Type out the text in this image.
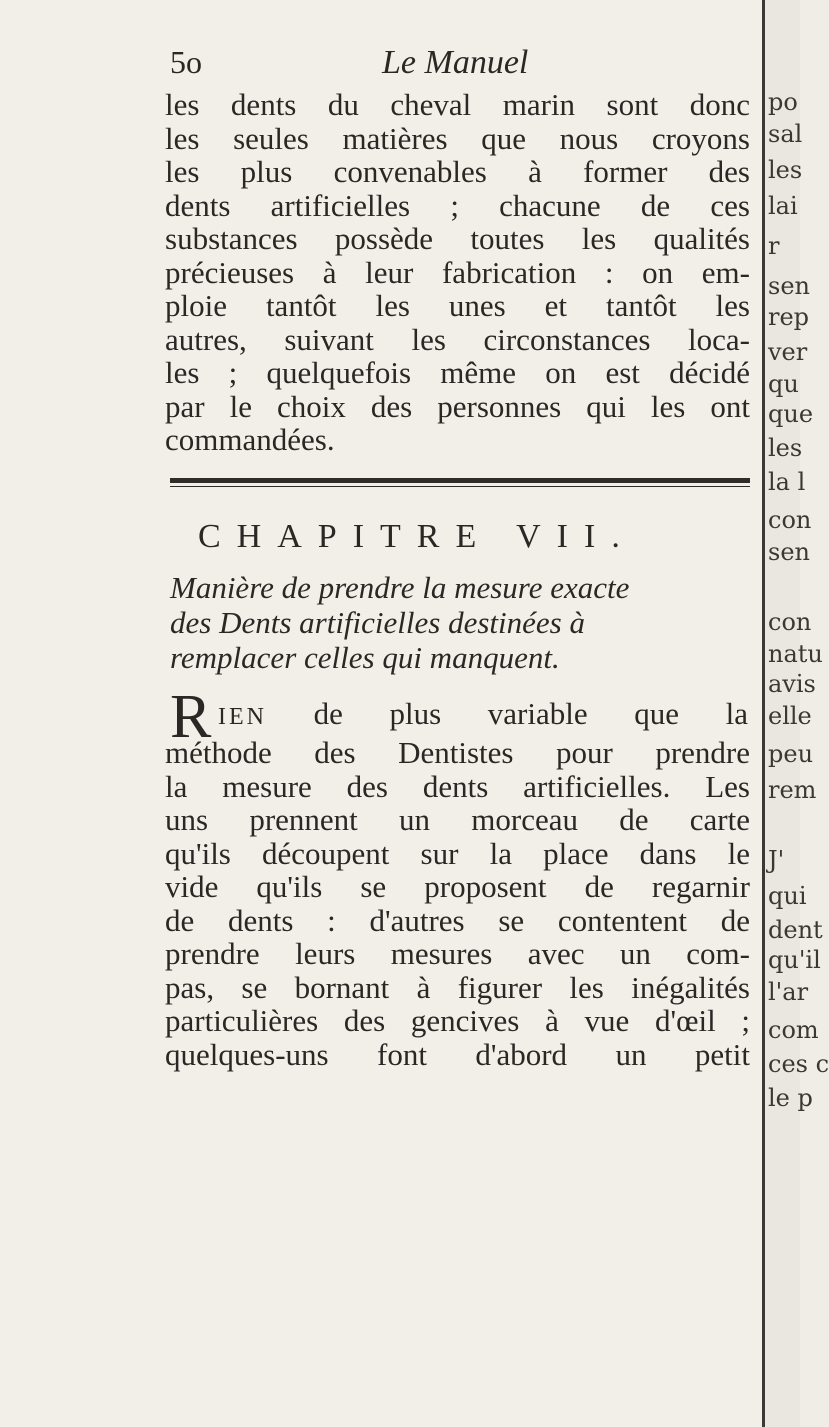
5o	Le Manuel
les dents du cheval marin sont donc
les seules matières que nous croyons
les plus convenables à former des
dents artificielles ; chacune de ces
substances possède toutes les qualités
précieuses à leur fabrication : on em-
ploie tantôt les unes et tantôt les
autres, suivant les circonstances loca-
les ; quelquefois même on est décidé
par le choix des personnes qui les ont
commandées.
CHAPITRE VII.
Manière de prendre la mesure exacte
des Dents artificielles destinées à
remplacer celles qui manquent.
R IEN de plus variable que la
méthode des Dentistes pour prendre
la mesure des dents artificielles. Les
uns prennent un morceau de carte
qu'ils découpent sur la place dans le
vide qu'ils se proposent de regarnir
de dents : d'autres se contentent de
prendre leurs mesures avec un com-
pas, se bornant à figurer les inégalités
particulières des gencives à vue d'œil ;
quelques-uns font d'abord un petit
po
sal
les
lai
r
sen
rep
ver
qu
que
les
la l
con
sen
con
natu
avis
elle
peu
rem
J'
qui
dent
qu'il
l'ar
com
ces c
le p
